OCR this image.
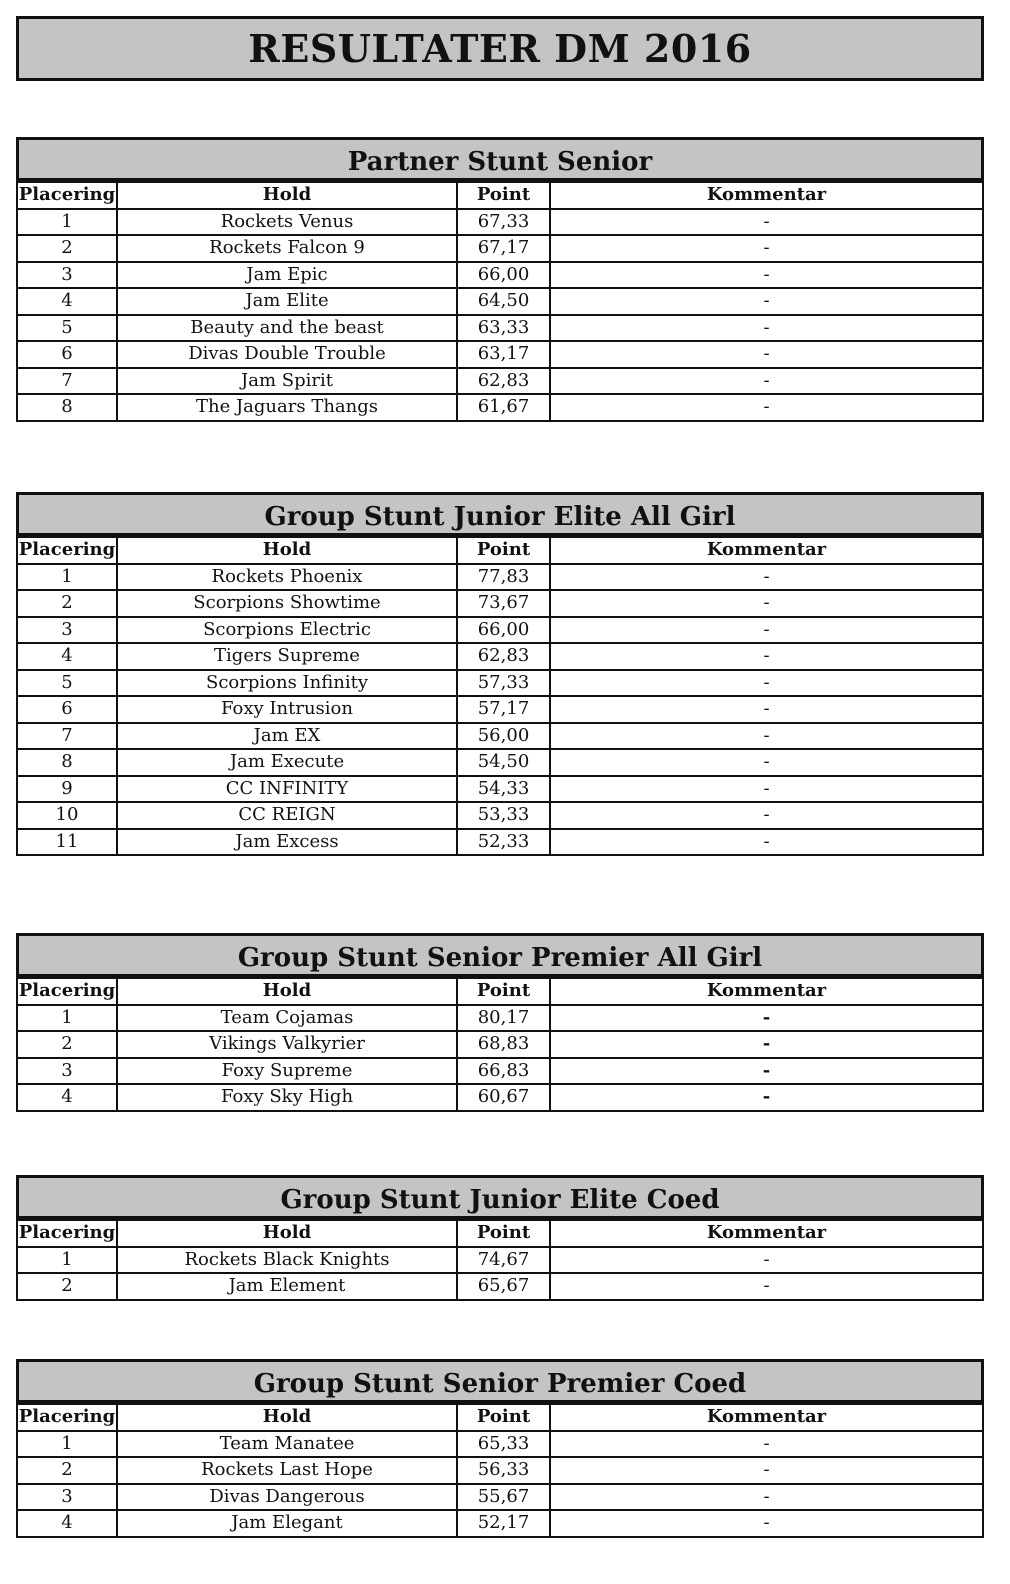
RESULTATER DM 2016
Partner Stunt Senior
Placering	Hold	Point	Kommentar
1	Rockets Venus	67,33	-
2	Rockets Falcon 9	67,17	-
3	Jam Epic	66,00	-
4	Jam Elite	64,50	-
5	Beauty and the beast	63,33	-
6	Divas Double Trouble	63,17	-
7	Jam Spirit	62,83	-
8	The Jaguars Thangs	61,67	-
Group Stunt Junior Elite All Girl
Placering	Hold	Point	Kommentar
1	Rockets Phoenix	77,83	-
2	Scorpions Showtime	73,67	-
3	Scorpions Electric	66,00	-
4	Tigers Supreme	62,83	-
5	Scorpions Infinity	57,33	-
6	Foxy Intrusion	57,17	-
7	Jam EX	56,00	-
8	Jam Execute	54,50	-
9	CC INFINITY	54,33	-
10	CC REIGN	53,33	-
11	Jam Excess	52,33	-
Group Stunt Senior Premier All Girl
Placering	Hold	Point	Kommentar
1	Team Cojamas	80,17	-
2	Vikings Valkyrier	68,83	-
3	Foxy Supreme	66,83	-
4	Foxy Sky High	60,67	-
Group Stunt Junior Elite Coed
Placering	Hold	Point	Kommentar
1	Rockets Black Knights	74,67	-
2	Jam Element	65,67	-
Group Stunt Senior Premier Coed
Placering	Hold	Point	Kommentar
1	Team Manatee	65,33	-
2	Rockets Last Hope	56,33	-
3	Divas Dangerous	55,67	-
4	Jam Elegant	52,17	-
